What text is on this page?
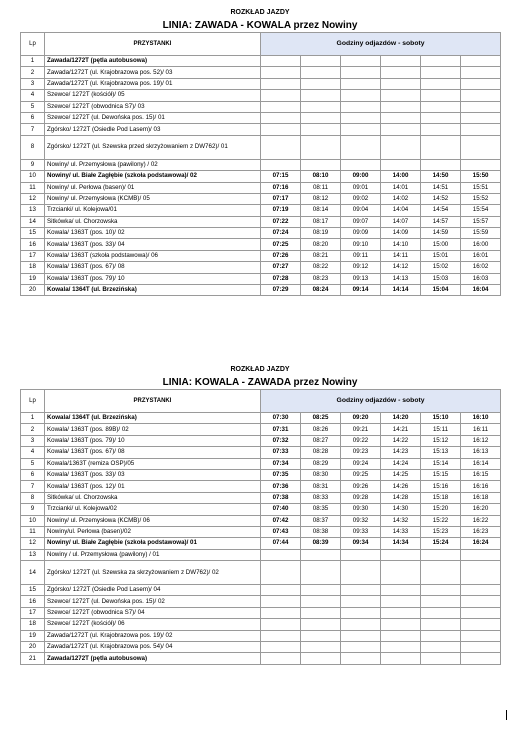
ROZKŁAD JAZDY
LINIA: ZAWADA - KOWALA przez Nowiny
Lp	PRZYSTANKI	Godziny odjazdów - soboty					
1	Zawada/1272T (pętla autobusowa)						
2	Zawada/1272T (ul. Krajobrazowa pos. 52)/ 03						
3	Zawada/1272T (ul. Krajobrazowa pos. 19)/ 01						
4	Szewce/ 1272T (kościół)/ 05						
5	Szewce/ 1272T (obwodnica S7)/ 03						
6	Szewce/ 1272T (ul. Dewońska pos. 15)/ 01						
7	Zgórsko/ 1272T (Osiedle Pod Lasem)/ 03						
8	Zgórsko/ 1272T (ul. Szewska przed skrzyżowaniem z DW762)/ 01						
9	Nowiny/ ul. Przemysłowa (pawilony) / 02						
10	Nowiny/ ul. Białe Zagłębie (szkoła podstawowa)/ 02	07:15	08:10	09:00	14:00	14:50	15:50
11	Nowiny/ ul. Perłowa (basen)/ 01	07:16	08:11	09:01	14:01	14:51	15:51
12	Nowiny/ ul. Przemysłowa (KCMB)/ 05	07:17	08:12	09:02	14:02	14:52	15:52
13	Trzcianki/ ul. Kolejowa/01	07:19	08:14	09:04	14:04	14:54	15:54
14	Sitkówka/ ul. Chorzowska	07:22	08:17	09:07	14:07	14:57	15:57
15	Kowala/ 1363T (pos. 10)/ 02	07:24	08:19	09:09	14:09	14:59	15:59
16	Kowala/ 1363T (pos. 33)/ 04	07:25	08:20	09:10	14:10	15:00	16:00
17	Kowala/ 1363T (szkoła podstawowa)/ 06	07:26	08:21	09:11	14:11	15:01	16:01
18	Kowala/ 1363T (pos. 67)/ 08	07:27	08:22	09:12	14:12	15:02	16:02
19	Kowala/ 1363T (pos. 79)/ 10	07:28	08:23	09:13	14:13	15:03	16:03
20	Kowala/ 1364T (ul. Brzezińska)	07:29	08:24	09:14	14:14	15:04	16:04
ROZKŁAD JAZDY
LINIA: KOWALA - ZAWADA przez Nowiny
Lp	PRZYSTANKI	Godziny odjazdów - soboty					
1	Kowala/ 1364T (ul. Brzezińska)	07:30	08:25	09:20	14:20	15:10	16:10
2	Kowala/ 1363T (pos. 89B)/ 02	07:31	08:26	09:21	14:21	15:11	16:11
3	Kowala/ 1363T (pos. 79)/ 10	07:32	08:27	09:22	14:22	15:12	16:12
4	Kowala/ 1363T (pos. 67)/ 08	07:33	08:28	09:23	14:23	15:13	16:13
5	Kowala/1363T (remiza OSP)/05	07:34	08:29	09:24	14:24	15:14	16:14
6	Kowala/ 1363T (pos. 33)/ 03	07:35	08:30	09:25	14:25	15:15	16:15
7	Kowala/ 1363T (pos. 12)/ 01	07:36	08:31	09:26	14:26	15:16	16:16
8	Sitkówka/ ul. Chorzowska	07:38	08:33	09:28	14:28	15:18	16:18
9	Trzcianki/ ul. Kolejowa/02	07:40	08:35	09:30	14:30	15:20	16:20
10	Nowiny/ ul. Przemysłowa (KCMB)/ 06	07:42	08:37	09:32	14:32	15:22	16:22
11	Nowiny/ul. Perłowa (basen)/02	07:43	08:38	09:33	14:33	15:23	16:23
12	Nowiny/ ul. Białe Zagłębie (szkoła podstawowa)/ 01	07:44	08:39	09:34	14:34	15:24	16:24
13	Nowiny / ul. Przemysłowa (pawilony) / 01						
14	Zgórsko/ 1272T (ul. Szewska za skrzyżowaniem z DW762)/ 02						
15	Zgórsko/ 1272T (Osiedle Pod Lasem)/ 04						
16	Szewce/ 1272T (ul. Dewońska pos. 15)/ 02						
17	Szewce/ 1272T (obwodnica S7)/ 04						
18	Szewce/ 1272T (kościół)/ 06						
19	Zawada/1272T (ul. Krajobrazowa pos. 19)/ 02						
20	Zawada/1272T (ul. Krajobrazowa pos. 54)/ 04						
21	Zawada/1272T (pętla autobusowa)						
